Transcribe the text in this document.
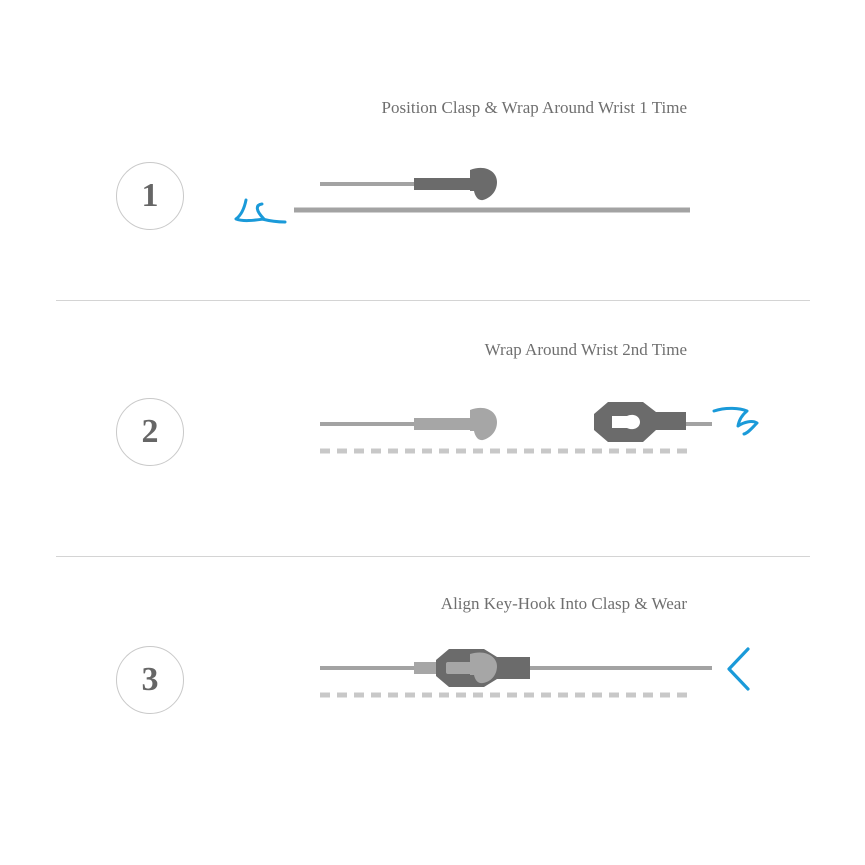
Position Clasp & Wrap Around Wrist 1 Time
1
Wrap Around Wrist 2nd Time
2
Align Key-Hook Into Clasp & Wear
3
